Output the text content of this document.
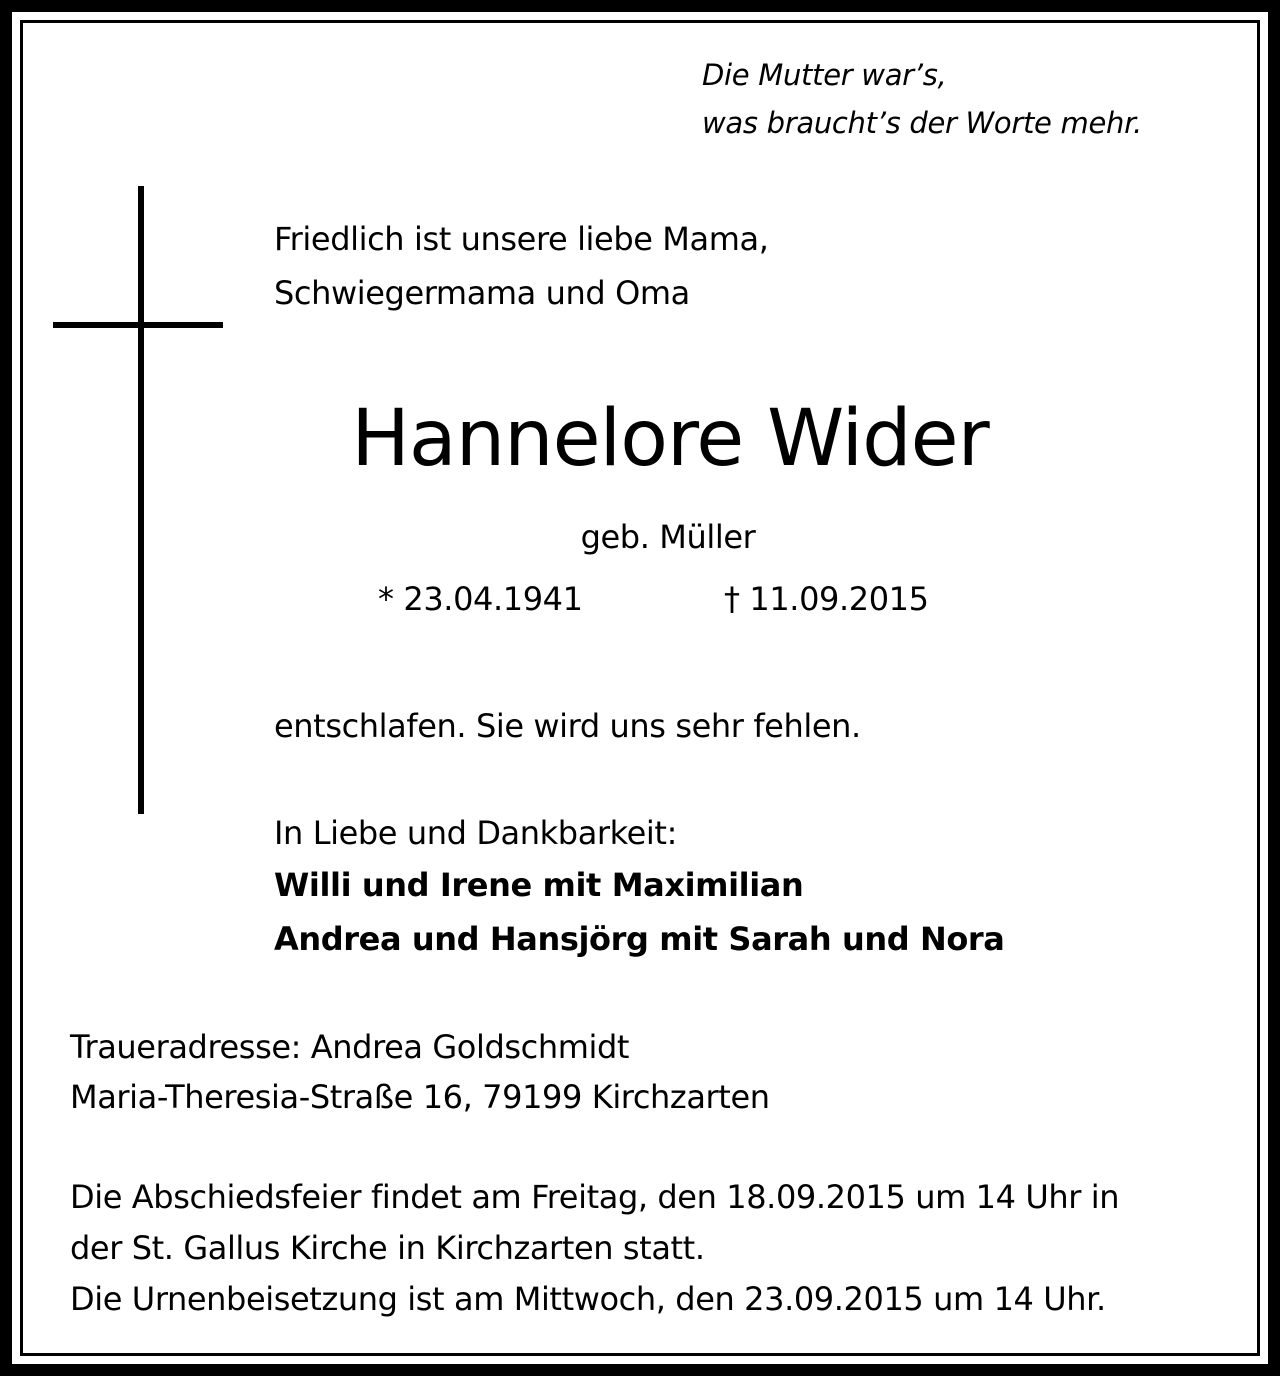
Die Mutter war’s,

was braucht’s der Worte mehr.

Friedlich ist unsere liebe Mama,

Schwiegermama und Oma

Hannelore Wider

geb. Müller

* 23.04.1941	† 11.09.2015

entschlafen. Sie wird uns sehr fehlen.

In Liebe und Dankbarkeit:

Willi und Irene mit Maximilian

Andrea und Hansjörg mit Sarah und Nora

Traueradresse: Andrea Goldschmidt

Maria-Theresia-Straße 16, 79199 Kirchzarten

Die Abschiedsfeier findet am Freitag, den 18.09.2015 um 14 Uhr in

der St. Gallus Kirche in Kirchzarten statt.

Die Urnenbeisetzung ist am Mittwoch, den 23.09.2015 um 14 Uhr.
